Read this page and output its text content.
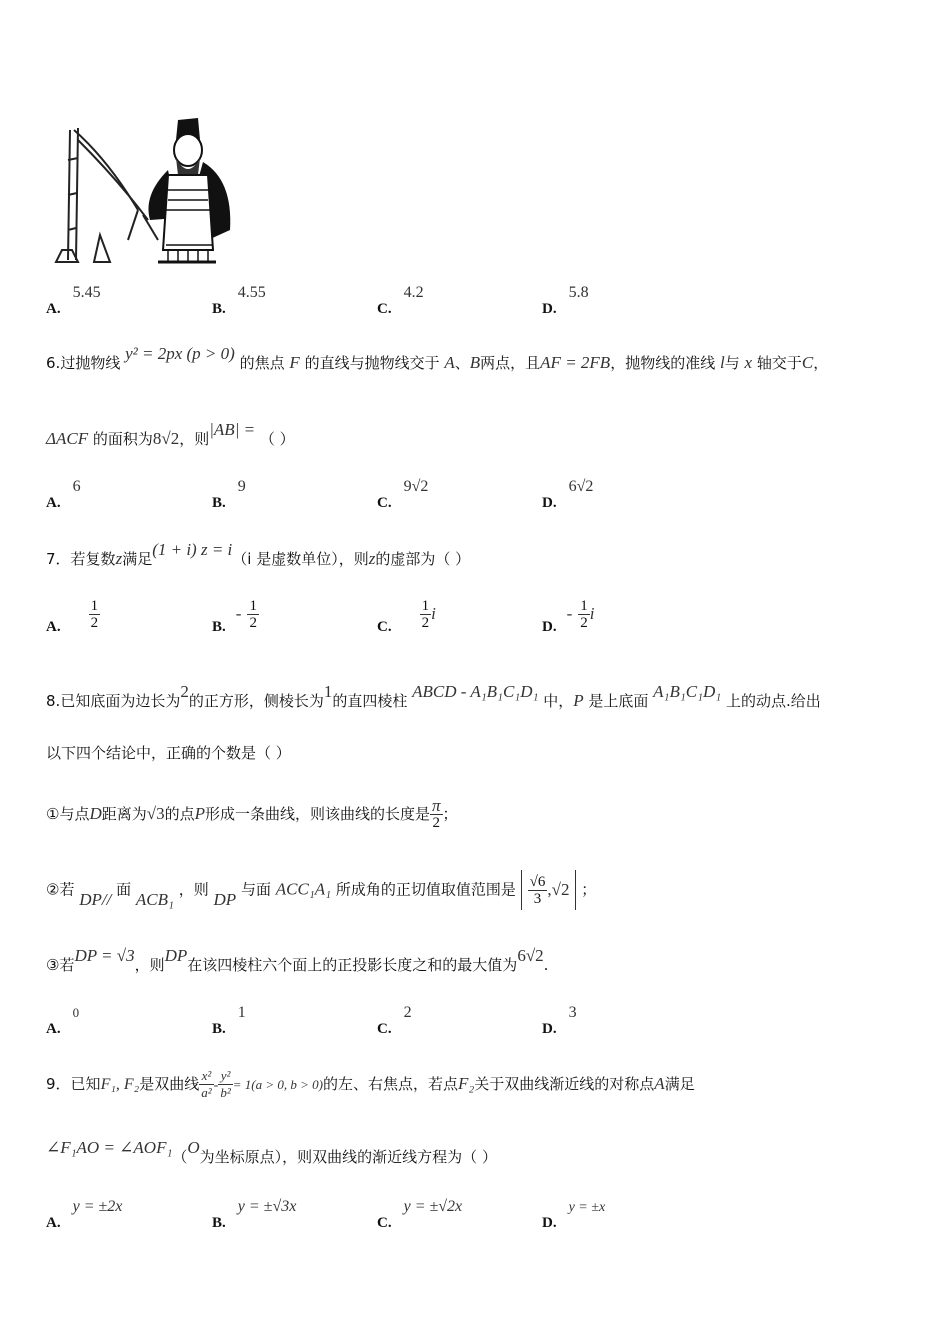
A.5.45
B.4.55
C.4.2
D.5.8
6.过抛物线 y² = 2px (p > 0) 的焦点 F 的直线与抛物线交于 A、B两点，且AF = 2FB，抛物线的准线 l与 x 轴交于C，
ΔACF 的面积为8√2，则|AB| = （ ）
A.6
B.9
C.9√2
D.6√2
7．若复数z满足(1 + i) z = i（i 是虚数单位），则z的虚部为（ ）
A. $\frac{1}{2}$	$B.- \frac{1}{2}$	C. $\frac{1}{2}$ i
$D.- \frac{1}{2}$ i
8.已知底面为边长为2的正方形，侧棱长为1的直四棱柱 ABCD - A₁B₁C₁D₁ 中，P 是上底面 A₁B₁C₁D₁ 上的动点.给出
以下四个结论中，正确的个数是（ ）
①与点D距离为√3的点P形成一条曲线，则该曲线的长度是 $\frac{\pi}{2}$ ；
②若 DP// 面 ACB₁ ，则 DP 与面 ACC₁A₁ 所成角的正切值取值范围是 $\frac{√6}{3} ,√2$ ；
③若DP = √3，则DP在该四棱柱六个面上的正投影长度之和的最大值为6√2.
A.$^0$
B.1
C.2
D.3
9．已知F₁, F₂是双曲线 $\frac{\text{x²}}{\text{a²}} - \frac{\text{y²}}{\text{b²}} = 1(a > 0$, b > 0)的左、右焦点，若点F₂关于双曲线渐近线的对称点A满足
∠F₁AO = ∠AOF₁（O为坐标原点），则双曲线的渐近线方程为（ ）
A.y = ±2x
B.y = ±√3x
C.y = ±√2x
D.y = ±x
